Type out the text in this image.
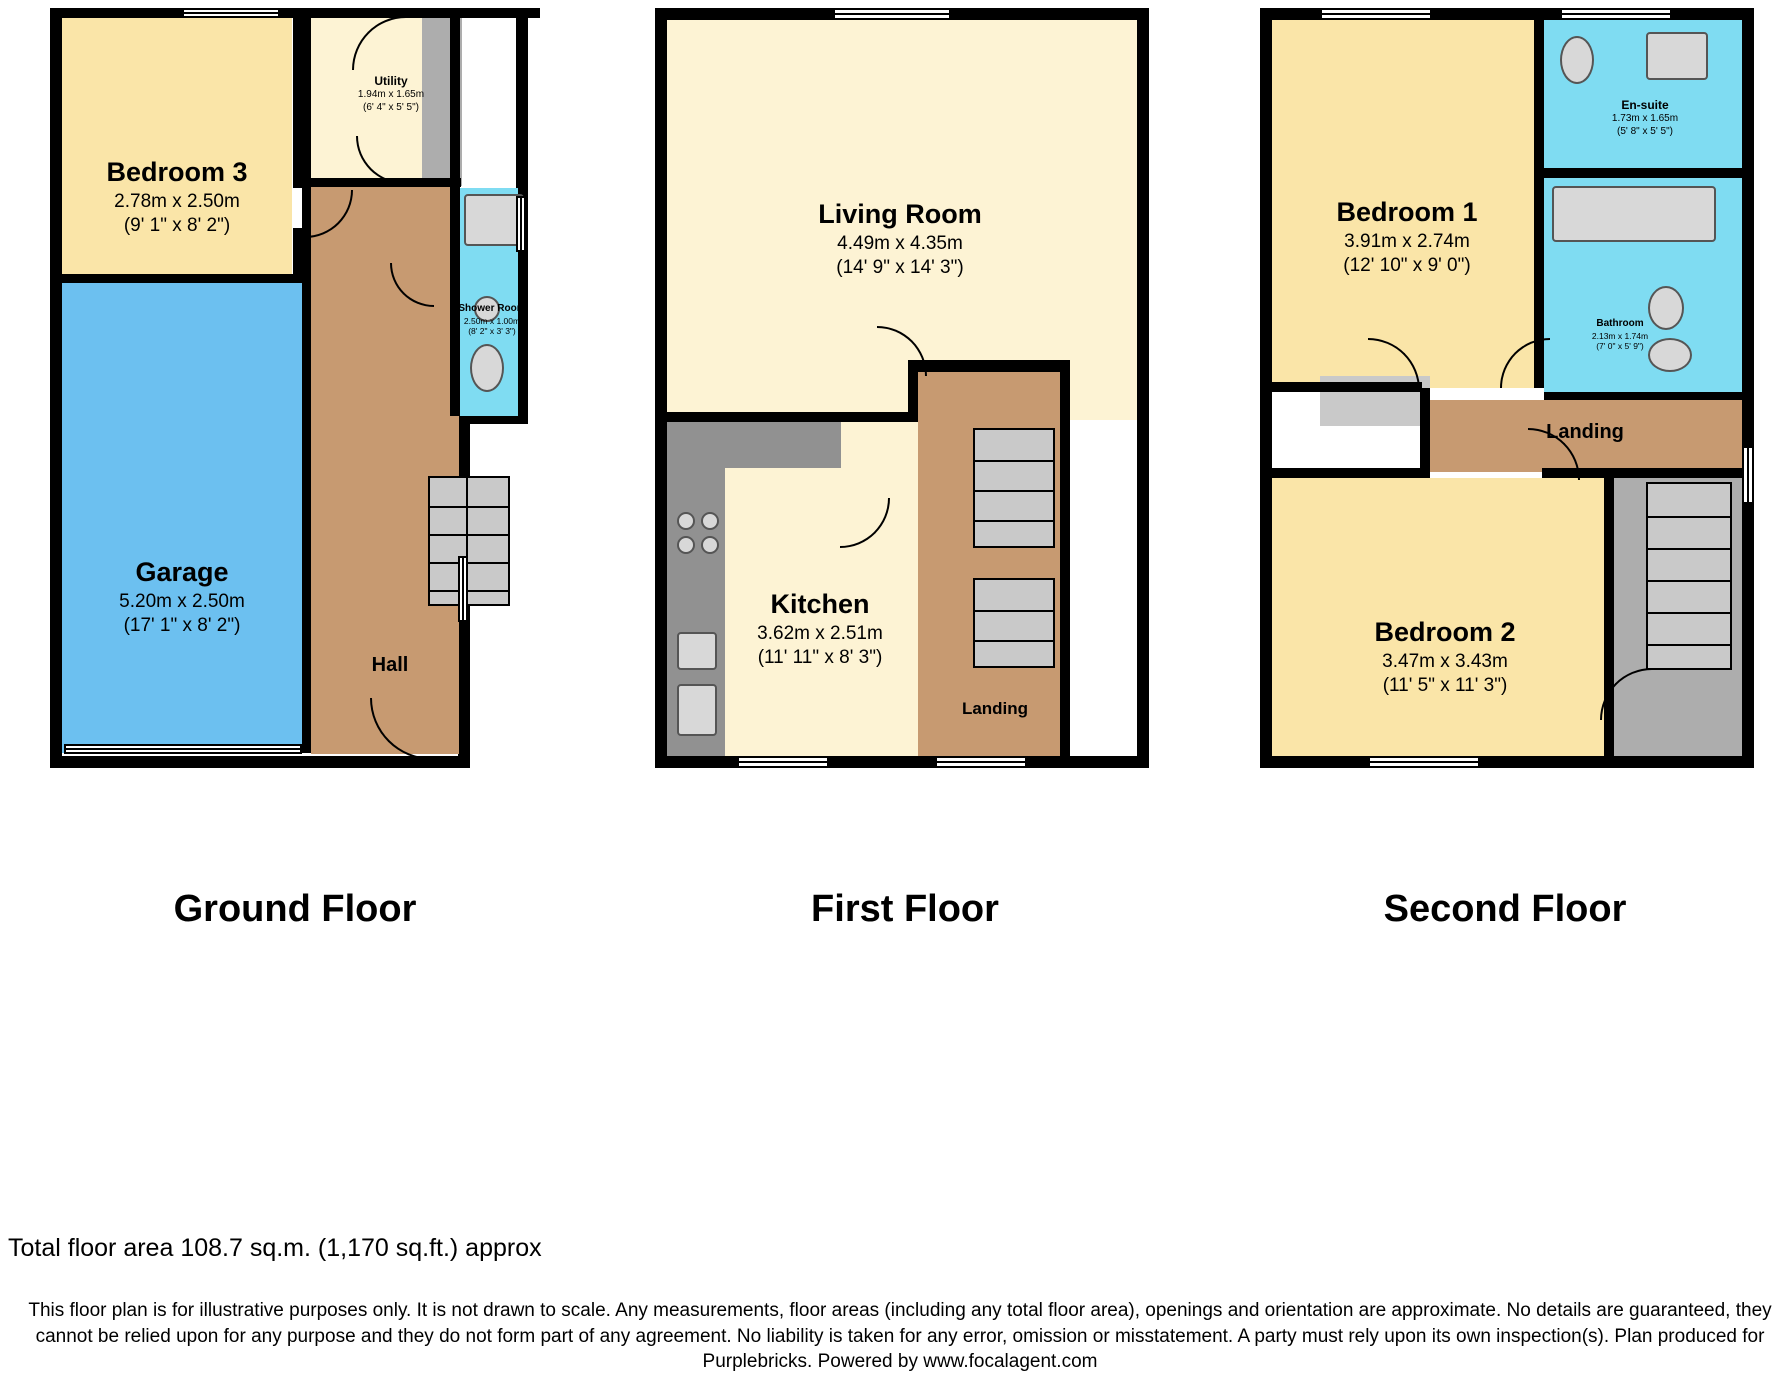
Bedroom 3
2.78m x 2.50m
(9' 1" x 8' 2")
Utility
1.94m x 1.65m
(6' 4" x 5' 5")
Shower Room
2.50m x 1.00m
(8' 2" x 3' 3")
Garage
5.20m x 2.50m
(17' 1" x 8' 2")
Hall
Ground Floor
Living Room
4.49m x 4.35m
(14' 9" x 14' 3")
Kitchen
3.62m x 2.51m
(11' 11" x 8' 3")
Landing
First Floor
En-suite
1.73m x 1.65m
(5' 8" x 5' 5")
Bedroom 1
3.91m x 2.74m
(12' 10" x 9' 0")
Bathroom
2.13m x 1.74m
(7' 0" x 5' 9")
Landing
Bedroom 2
3.47m x 3.43m
(11' 5" x 11' 3")
Second Floor
Total floor area 108.7 sq.m. (1,170 sq.ft.) approx
This floor plan is for illustrative purposes only. It is not drawn to scale. Any measurements, floor areas (including any total floor area), openings and orientation are approximate. No details are guaranteed, they cannot be relied upon for any purpose and they do not form part of any agreement. No liability is taken for any error, omission or misstatement. A party must rely upon its own inspection(s). Plan produced for Purplebricks. Powered by www.focalagent.com
